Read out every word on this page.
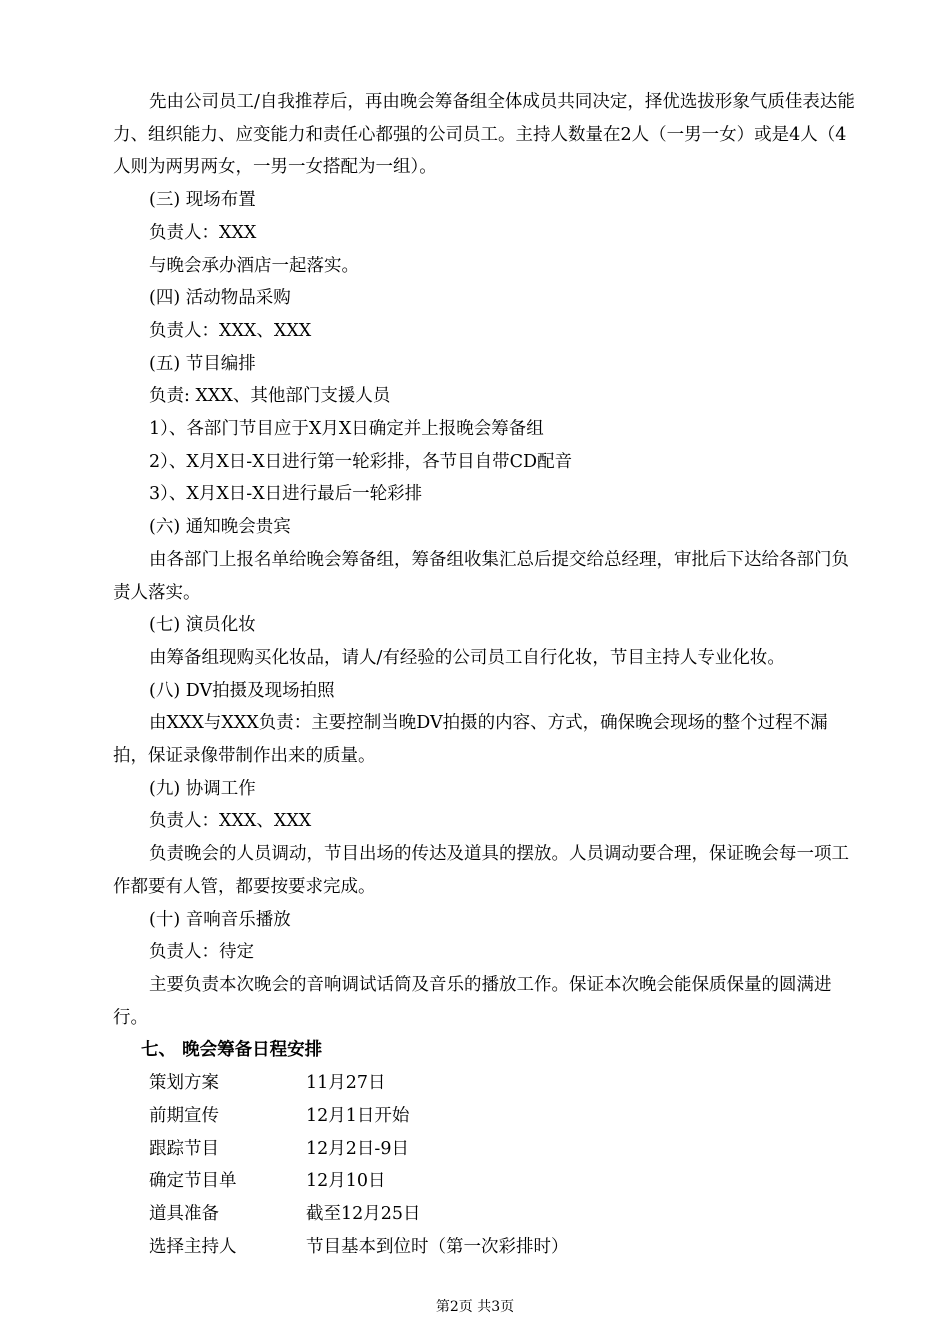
先由公司员工/自我推荐后，再由晚会筹备组全体成员共同决定，择优选拔形象气质佳表达能力、组织能力、应变能力和责任心都强的公司员工。主持人数量在2人（一男一女）或是4人（4人则为两男两女，一男一女搭配为一组）。

(三) 现场布置

负责人：XXX

与晚会承办酒店一起落实。

(四) 活动物品采购

负责人：XXX、XXX

(五) 节目编排

负责: XXX、其他部门支援人员

1）、各部门节目应于X月X日确定并上报晚会筹备组

2）、X月X日-X日进行第一轮彩排，各节目自带CD配音

3）、X月X日-X日进行最后一轮彩排

(六) 通知晚会贵宾

由各部门上报名单给晚会筹备组，筹备组收集汇总后提交给总经理，审批后下达给各部门负责人落实。

(七) 演员化妆

由筹备组现购买化妆品，请人/有经验的公司员工自行化妆，节目主持人专业化妆。

(八) DV拍摄及现场拍照

由XXX与XXX负责：主要控制当晚DV拍摄的内容、方式，确保晚会现场的整个过程不漏拍，保证录像带制作出来的质量。

(九) 协调工作

负责人：XXX、XXX

负责晚会的人员调动，节目出场的传达及道具的摆放。人员调动要合理，保证晚会每一项工作都要有人管，都要按要求完成。

(十) 音响音乐播放

负责人：待定

主要负责本次晚会的音响调试话筒及音乐的播放工作。保证本次晚会能保质保量的圆满进行。

七、 晚会筹备日程安排

策划方案	11月27日
前期宣传	12月1日开始
跟踪节目	12月2日-9日
确定节目单	12月10日
道具准备	截至12月25日
选择主持人	节目基本到位时（第一次彩排时）
第2页 共3页
